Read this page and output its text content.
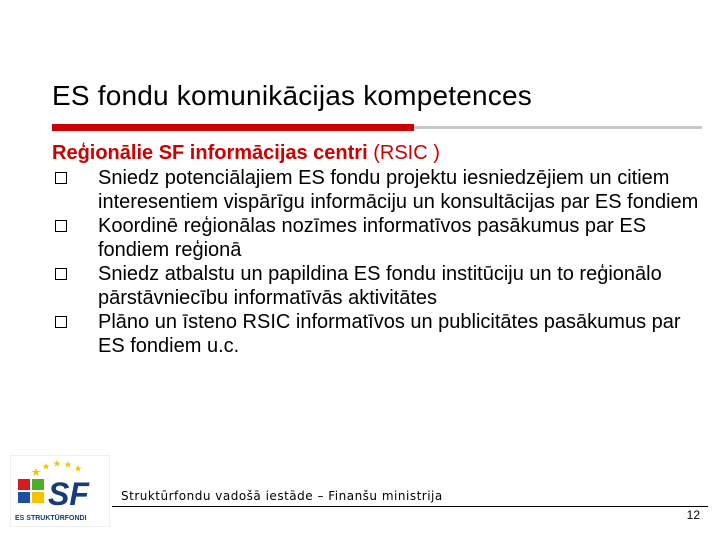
ES fondu komunikācijas kompetences
Reģionālie SF informācijas centri (RSIC )
Sniedz potenciālajiem ES fondu projektu iesniedzējiem un citiem interesentiem vispārīgu informāciju un konsultācijas par ES fondiem
Koordinē reģionālas nozīmes informatīvos pasākumus par ES fondiem reģionā
Sniedz atbalstu un papildina ES fondu institūciju un to reģionālo pārstāvniecību informatīvās aktivitātes
Plāno un īsteno RSIC informatīvos un publicitātes pasākumus par ES fondiem u.c.
SF
ES STRUKTŪRFONDI
Struktūrfondu vadošā iestāde – Finanšu ministrija
12
